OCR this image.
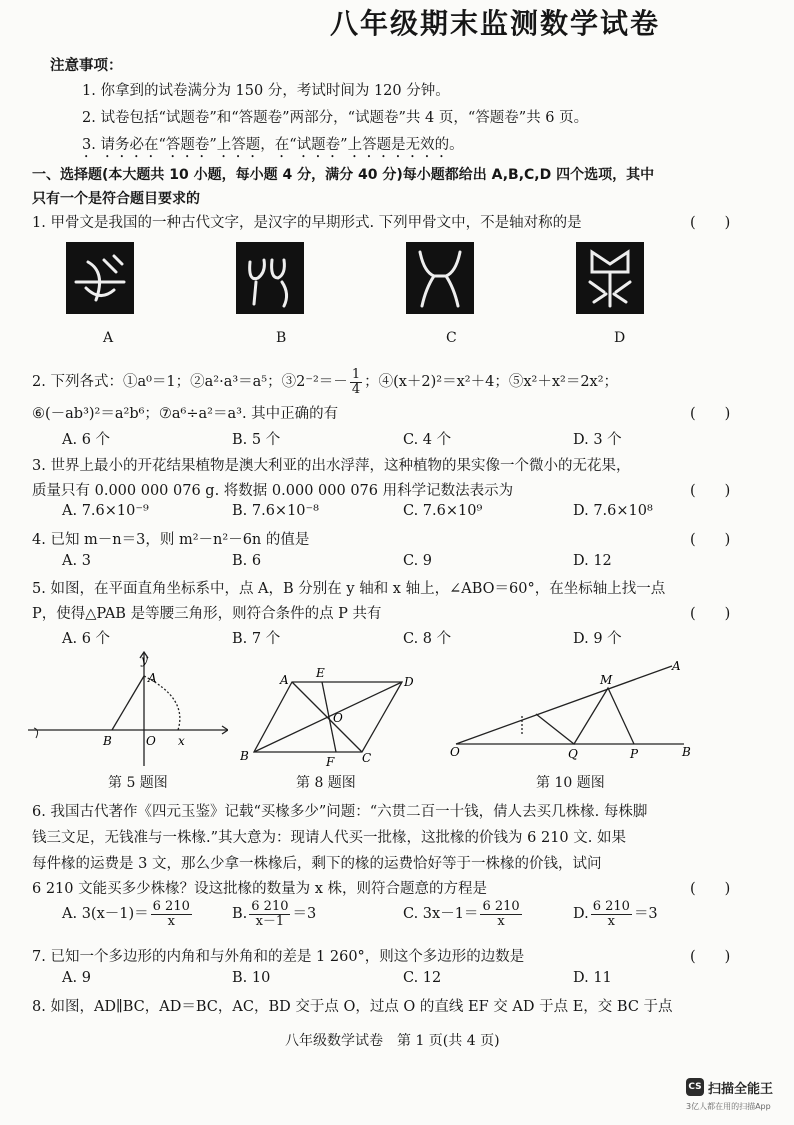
八年级期末监测数学试卷
注意事项：
1. 你拿到的试卷满分为 150 分，考试时间为 120 分钟。
2. 试卷包括“试题卷”和“答题卷”两部分，“试题卷”共 4 页，“答题卷”共 6 页。
3. 请务必在“答题卷”上答题，在“试题卷”上答题是无效的。
一、选择题(本大题共 10 小题，每小题 4 分，满分 40 分)每小题都给出 A,B,C,D 四个选项，其中
只有一个是符合题目要求的
1. 甲骨文是我国的一种古代文字，是汉字的早期形式. 下列甲骨文中，不是轴对称的是	(　　)
A	B	C	D
2. 下列各式：①a⁰＝1；②a²·a³＝a⁵；③2⁻²＝－ $\frac{1}{4}$ ；④(x＋2)²＝x²＋4；⑤x²＋x²＝2x²；
⑥(－ab³)²＝a²b⁶；⑦a⁶÷a²＝a³. 其中正确的有	(　　)
A. 6 个	B. 5 个	C. 4 个	D. 3 个
3. 世界上最小的开花结果植物是澳大利亚的出水浮萍，这种植物的果实像一个微小的无花果，
质量只有 0.000 000 076 g. 将数据 0.000 000 076 用科学记数法表示为	(　　)
A. 7.6×10⁻⁹	B. 7.6×10⁻⁸	C. 7.6×10⁹	D. 7.6×10⁸
4. 已知 m－n＝3，则 m²－n²－6n 的值是	(　　)
A. 3	B. 6	C. 9	D. 12
5. 如图，在平面直角坐标系中，点 A，B 分别在 y 轴和 x 轴上，∠ABO＝60°，在坐标轴上找一点
P，使得△PAB 是等腰三角形，则符合条件的点 P 共有	(　　)
A. 6 个	B. 7 个	C. 8 个	D. 9 个
y
A
B	O x
第 5 题图
A E
D
O
B	F C
第 8 题图
A
M
O	Q	P	B
第 10 题图
6. 我国古代著作《四元玉鉴》记载“买椽多少”问题：“六贯二百一十钱，倩人去买几株椽. 每株脚
钱三文足，无钱准与一株椽.”其大意为：现请人代买一批椽，这批椽的价钱为 6 210 文. 如果
每件椽的运费是 3 文，那么少拿一株椽后，剩下的椽的运费恰好等于一株椽的价钱，试问
6 210 文能买多少株椽？设这批椽的数量为 x 株，则符合题意的方程是	(　　)
A. $3(x-1)= \frac{6 210}{x}$	B. $\frac{6 210}{x-1} =3$	C. $3x-1= \frac{6 210}{x}$	D. $\frac{6 210}{x} =3$
7. 已知一个多边形的内角和与外角和的差是 1 260°，则这个多边形的边数是	(　　)
A. 9	B. 10	C. 12	D. 11
8. 如图，AD∥BC，AD＝BC，AC，BD 交于点 O，过点 O 的直线 EF 交 AD 于点 E，交 BC 于点
八年级数学试卷　第 1 页(共 4 页)
CS 扫描全能王
3亿人都在用的扫描App
